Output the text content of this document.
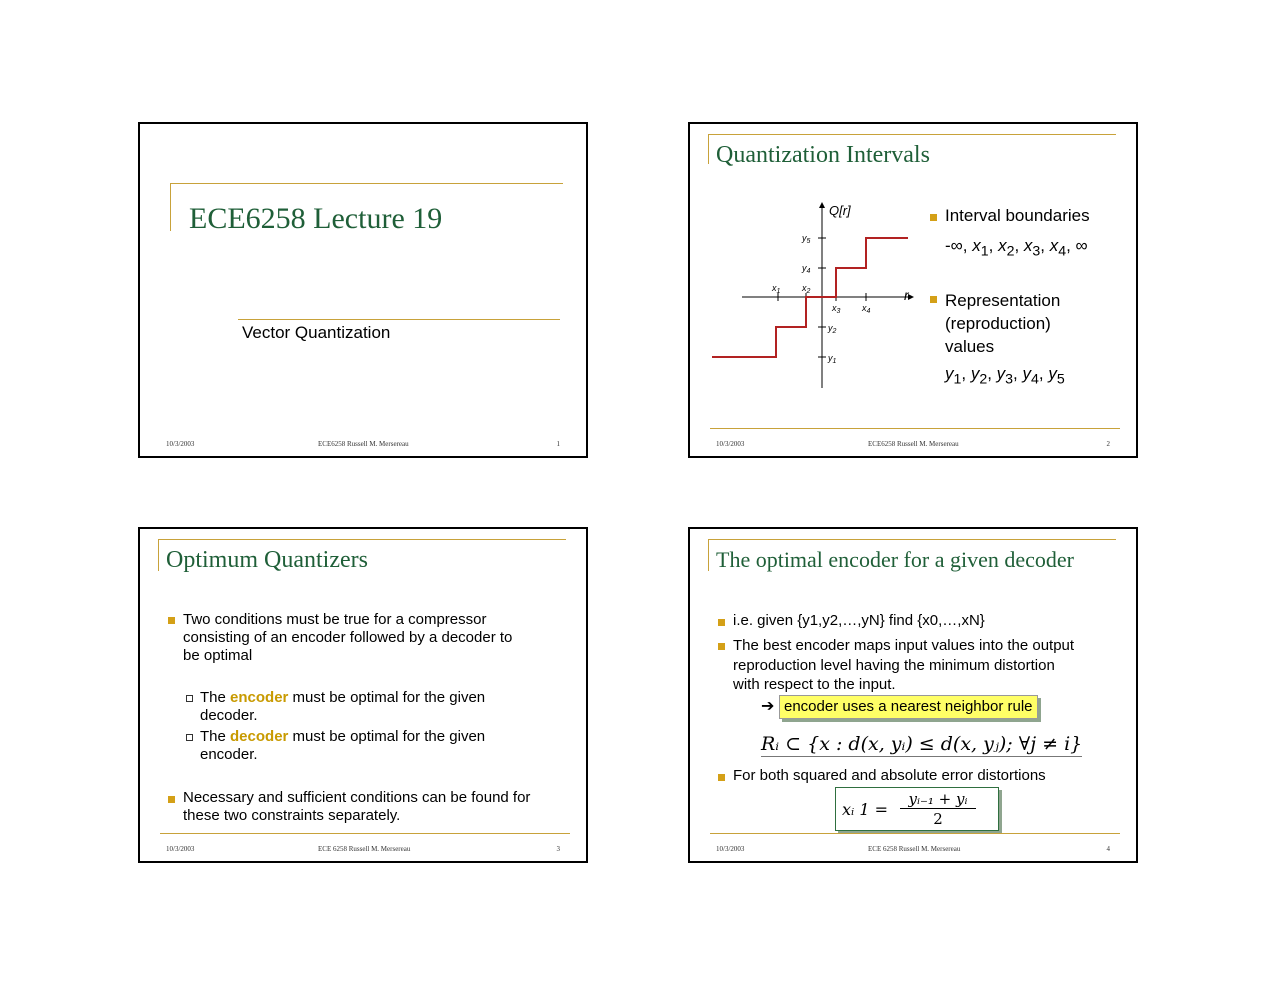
ECE6258 Lecture 19
Vector Quantization
10/3/2003	ECE6258 Russell M. Mersereau	1
Quantization Intervals
Q[r]
r
$x_1$ $x_2$
$x_3$ $x_4$
$y_5$
$y_4$
$y_2$
$y_1$
Interval boundaries
-∞, $x_1$, $x_2$, $x_3$, $x_4$, ∞
Representation
(reproduction)
values
$y_1$, $y_2$, $y_3$, $y_4$, $y_5$
10/3/2003	ECE6258 Russell M. Mersereau	2
Optimum Quantizers
Two conditions must be true for a compressor
consisting of an encoder followed by a decoder to
be optimal
The encoder must be optimal for the given
decoder.
The decoder must be optimal for the given
encoder.
Necessary and sufficient conditions can be found for
these two constraints separately.
10/3/2003	ECE 6258 Russell M. Mersereau	3
The optimal encoder for a given decoder
i.e. given {y1,y2,…,yN} find {x0,…,xN}
The best encoder maps input values into the output
reproduction level having the minimum distortion
with respect to the input.
➔ encoder uses a nearest neighbor rule
Rᵢ ⊂ {x : d(x, yᵢ) ≤ d(x, yⱼ); ∀j ≠ i}
For both squared and absolute error distortions
xᵢ 1 =
yᵢ₋₁ + yᵢ
2
10/3/2003	ECE 6258 Russell M. Mersereau	4
